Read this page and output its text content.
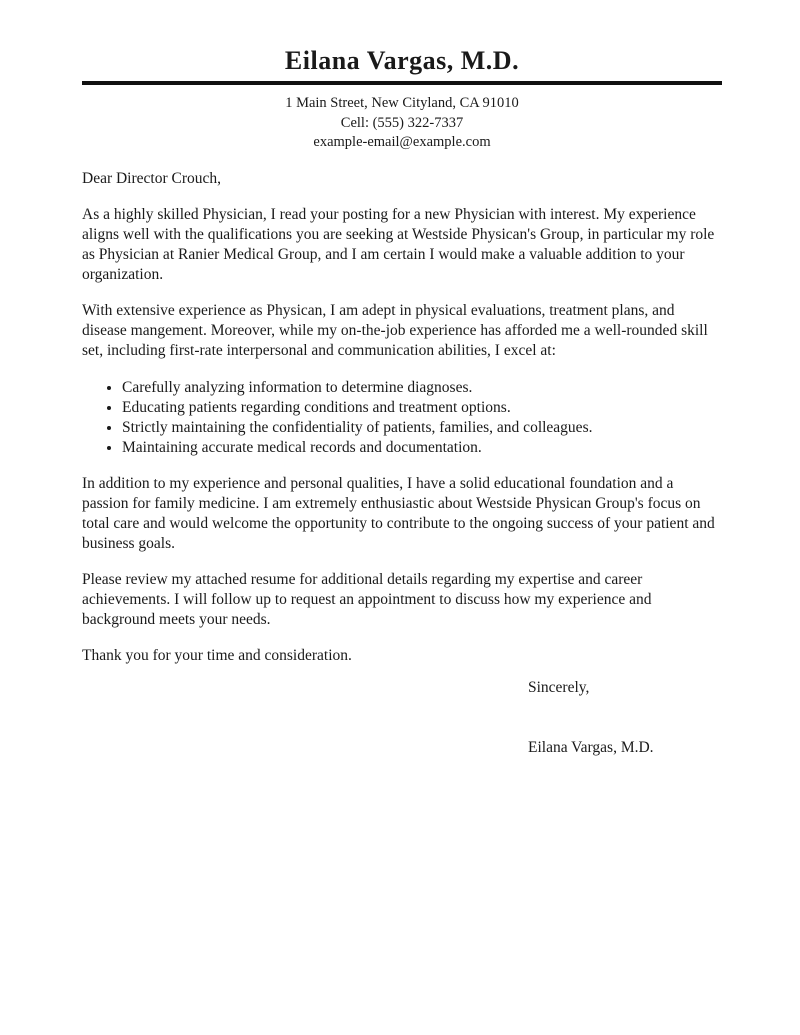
Eilana Vargas, M.D.
1 Main Street, New Cityland, CA 91010
Cell: (555) 322-7337
example-email@example.com
Dear Director Crouch,

As a highly skilled Physician, I read your posting for a new Physician with interest. My experience aligns well with the qualifications you are seeking at Westside Physican's Group, in particular my role as Physician at Ranier Medical Group, and I am certain I would make a valuable addition to your organization.

With extensive experience as Physican, I am adept in physical evaluations, treatment plans, and disease mangement. Moreover, while my on-the-job experience has afforded me a well-rounded skill set, including first-rate interpersonal and communication abilities, I excel at:

• Carefully analyzing information to determine diagnoses.
• Educating patients regarding conditions and treatment options.
• Strictly maintaining the confidentiality of patients, families, and colleagues.
• Maintaining accurate medical records and documentation.

In addition to my experience and personal qualities, I have a solid educational foundation and a passion for family medicine. I am extremely enthusiastic about Westside Physican Group's focus on total care and would welcome the opportunity to contribute to the ongoing success of your patient and business goals.

Please review my attached resume for additional details regarding my expertise and career achievements. I will follow up to request an appointment to discuss how my experience and background meets your needs.

Thank you for your time and consideration.

Sincerely,
Eilana Vargas, M.D.
